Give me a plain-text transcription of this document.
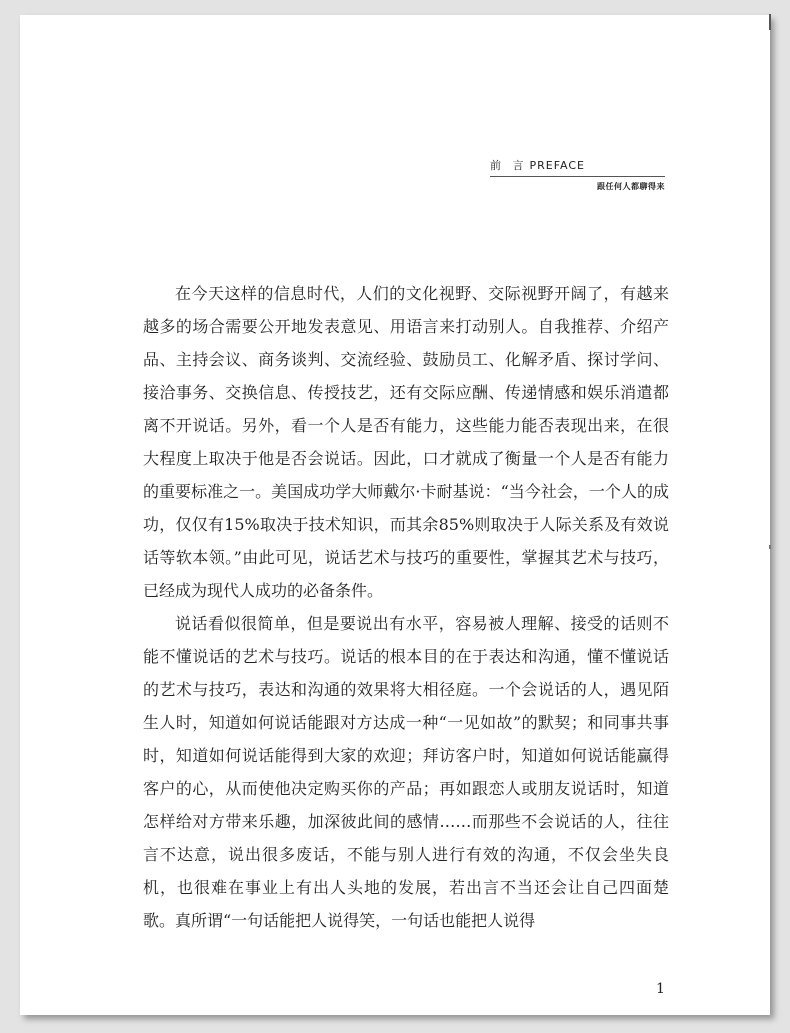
前 言 PREFACE
跟任何人都聊得来

在今天这样的信息时代，人们的文化视野、交际视野开阔了，有越来越多的场合需要公开地发表意见、用语言来打动别人。自我推荐、介绍产品、主持会议、商务谈判、交流经验、鼓励员工、化解矛盾、探讨学问、接洽事务、交换信息、传授技艺，还有交际应酬、传递情感和娱乐消遣都离不开说话。另外，看一个人是否有能力，这些能力能否表现出来，在很大程度上取决于他是否会说话。因此，口才就成了衡量一个人是否有能力的重要标准之一。美国成功学大师戴尔·卡耐基说：“当今社会，一个人的成功，仅仅有15%取决于技术知识，而其余85%则取决于人际关系及有效说话等软本领。”由此可见，说话艺术与技巧的重要性，掌握其艺术与技巧，已经成为现代人成功的必备条件。

说话看似很简单，但是要说出有水平，容易被人理解、接受的话则不能不懂说话的艺术与技巧。说话的根本目的在于表达和沟通，懂不懂说话的艺术与技巧，表达和沟通的效果将大相径庭。一个会说话的人，遇见陌生人时，知道如何说话能跟对方达成一种“一见如故”的默契；和同事共事时，知道如何说话能得到大家的欢迎；拜访客户时，知道如何说话能赢得客户的心，从而使他决定购买你的产品；再如跟恋人或朋友说话时，知道怎样给对方带来乐趣，加深彼此间的感情……而那些不会说话的人，往往言不达意，说出很多废话，不能与别人进行有效的沟通，不仅会坐失良机，也很难在事业上有出人头地的发展，若出言不当还会让自己四面楚歌。真所谓“一句话能把人说得笑，一句话也能把人说得

1
